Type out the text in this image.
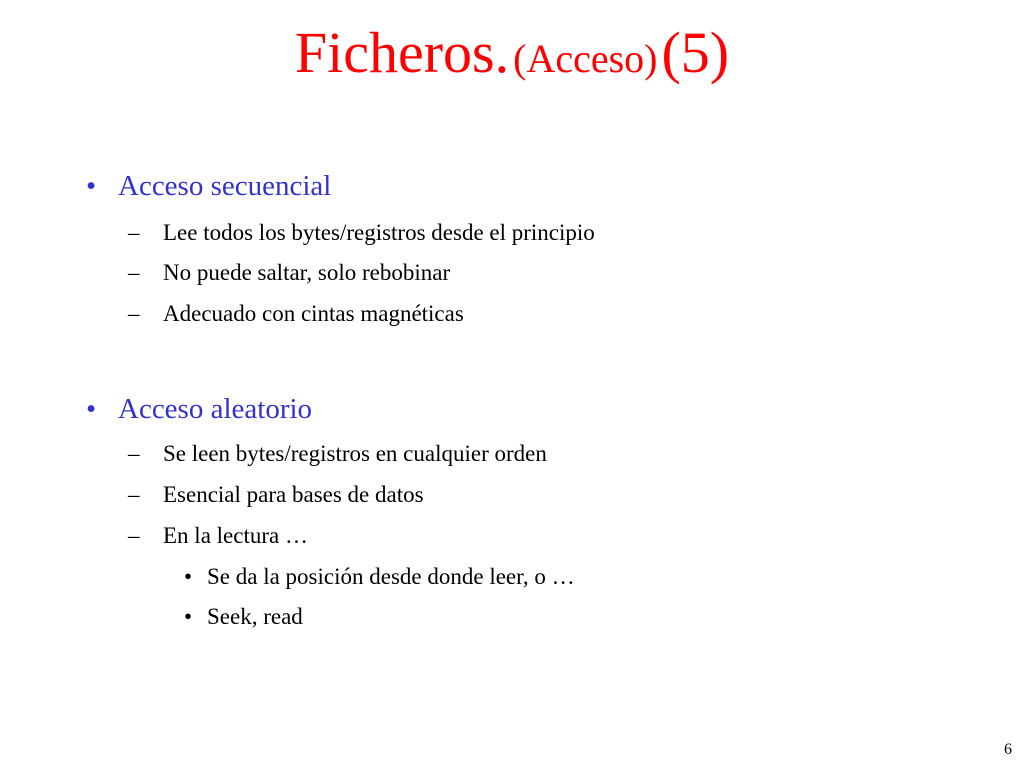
Ficheros. (Acceso) (5)
• Acceso secuencial
– Lee todos los bytes/registros desde el principio
– No puede saltar, solo rebobinar
– Adecuado con cintas magnéticas
• Acceso aleatorio
– Se leen bytes/registros en cualquier orden
– Esencial para bases de datos
– En la lectura …
• Se da la posición desde donde leer, o …
• Seek, read
6
